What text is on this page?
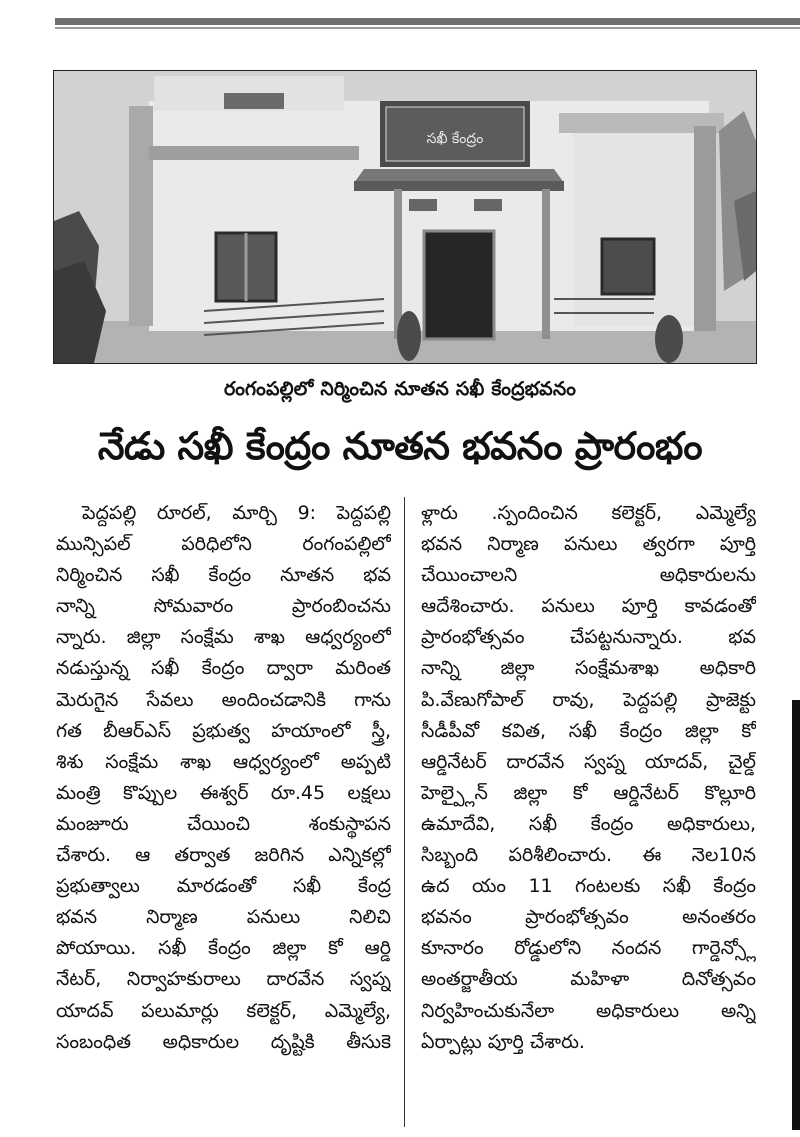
సఖీ కేంద్రం
రంగంపల్లిలో నిర్మించిన నూతన సఖీ కేంద్రభవనం
నేడు సఖీ కేంద్రం నూతన భవనం ప్రారంభం
పెద్దపల్లి రూరల్, మార్చి 9: పెద్దపల్లి
మున్సిపల్ పరిధిలోని రంగంపల్లిలో
నిర్మించిన సఖీ కేంద్రం నూతన భవ
నాన్ని సోమవారం ప్రారంబించను
న్నారు. జిల్లా సంక్షేమ శాఖ ఆధ్వర్యంలో
నడుస్తున్న సఖీ కేంద్రం ద్వారా మరింత
మెరుగైన సేవలు అందించడానికి గాను
గత బీఆర్ఎస్ ప్రభుత్వ హయాంలో స్త్రీ,
శిశు సంక్షేమ శాఖ ఆధ్వర్యంలో అప్పటి
మంత్రి కొప్పుల ఈశ్వర్ రూ.45 లక్షలు
మంజూరు చేయించి శంకుస్థాపన
చేశారు. ఆ తర్వాత జరిగిన ఎన్నికల్లో
ప్రభుత్వాలు మారడంతో సఖీ కేంద్ర
భవన నిర్మాణ పనులు నిలిచి
పోయాయి. సఖీ కేంద్రం జిల్లా కో ఆర్డి
నేటర్, నిర్వాహకురాలు దారవేన స్వప్న
యాదవ్ పలుమార్లు కలెక్టర్, ఎమ్మెల్యే,
సంబంధిత అధికారుల దృష్టికి తీసుకె
ళ్లారు .స్పందించిన కలెక్టర్, ఎమ్మెల్యే
భవన నిర్మాణ పనులు త్వరగా పూర్తి
చేయించాలని అధికారులను
ఆదేశించారు. పనులు పూర్తి కావడంతో
ప్రారంభోత్సవం చేపట్టనున్నారు. భవ
నాన్ని జిల్లా సంక్షేమశాఖ అధికారి
పి.వేణుగోపాల్ రావు, పెద్దపల్లి ప్రాజెక్టు
సీడీపీవో కవిత, సఖీ కేంద్రం జిల్లా కో
ఆర్డినేటర్ దారవేన స్వప్న యాదవ్, చైల్డ్
హెల్ప్లైన్ జిల్లా కో ఆర్డినేటర్ కొల్లూరి
ఉమాదేవి, సఖీ కేంద్రం అధికారులు,
సిబ్బంది పరిశీలించారు. ఈ నెల10న
ఉద యం 11 గంటలకు సఖీ కేంద్రం
భవనం ప్రారంభోత్సవం అనంతరం
కూనారం రోడ్డులోని నందన గార్డెన్స్లో
అంతర్జాతీయ మహిళా దినోత్సవం
నిర్వహించుకునేలా అధికారులు అన్ని
ఏర్పాట్లు పూర్తి చేశారు.
